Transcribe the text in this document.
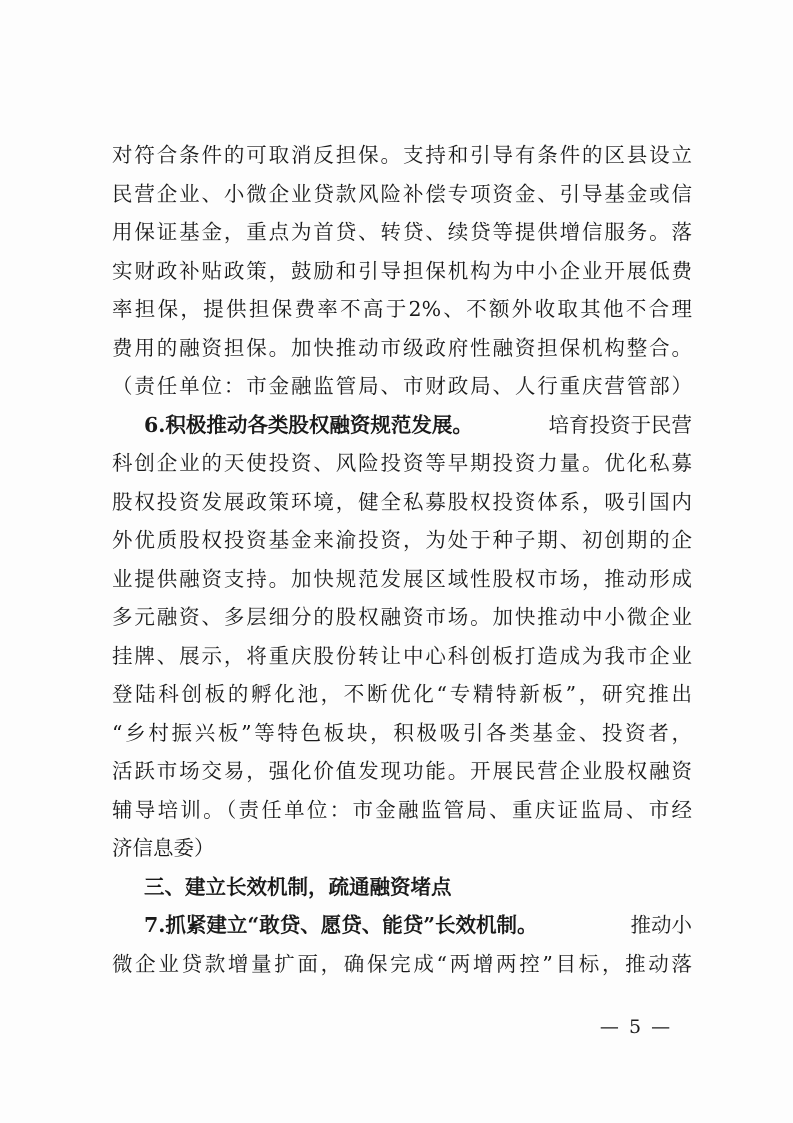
对符合条件的可取消反担保。支持和引导有条件的区县设立
民营企业、小微企业贷款风险补偿专项资金、引导基金或信
用保证基金，重点为首贷、转贷、续贷等提供增信服务。落
实财政补贴政策，鼓励和引导担保机构为中小企业开展低费
率担保，提供担保费率不高于2%、不额外收取其他不合理
费用的融资担保。加快推动市级政府性融资担保机构整合。
（责任单位：市金融监管局、市财政局、人行重庆营管部）
6.积极推动各类股权融资规范发展。	培育投资于民营
科创企业的天使投资、风险投资等早期投资力量。优化私募
股权投资发展政策环境，健全私募股权投资体系，吸引国内
外优质股权投资基金来渝投资，为处于种子期、初创期的企
业提供融资支持。加快规范发展区域性股权市场，推动形成
多元融资、多层细分的股权融资市场。加快推动中小微企业
挂牌、展示，将重庆股份转让中心科创板打造成为我市企业
登陆科创板的孵化池，不断优化“专精特新板”，研究推出
“乡村振兴板”等特色板块，积极吸引各类基金、投资者，
活跃市场交易，强化价值发现功能。开展民营企业股权融资
辅导培训。（责任单位：市金融监管局、重庆证监局、市经
济信息委）
三、建立长效机制，疏通融资堵点
7.抓紧建立“敢贷、愿贷、能贷”长效机制。	推动小
微企业贷款增量扩面，确保完成“两增两控”目标，推动落
— 5 —
